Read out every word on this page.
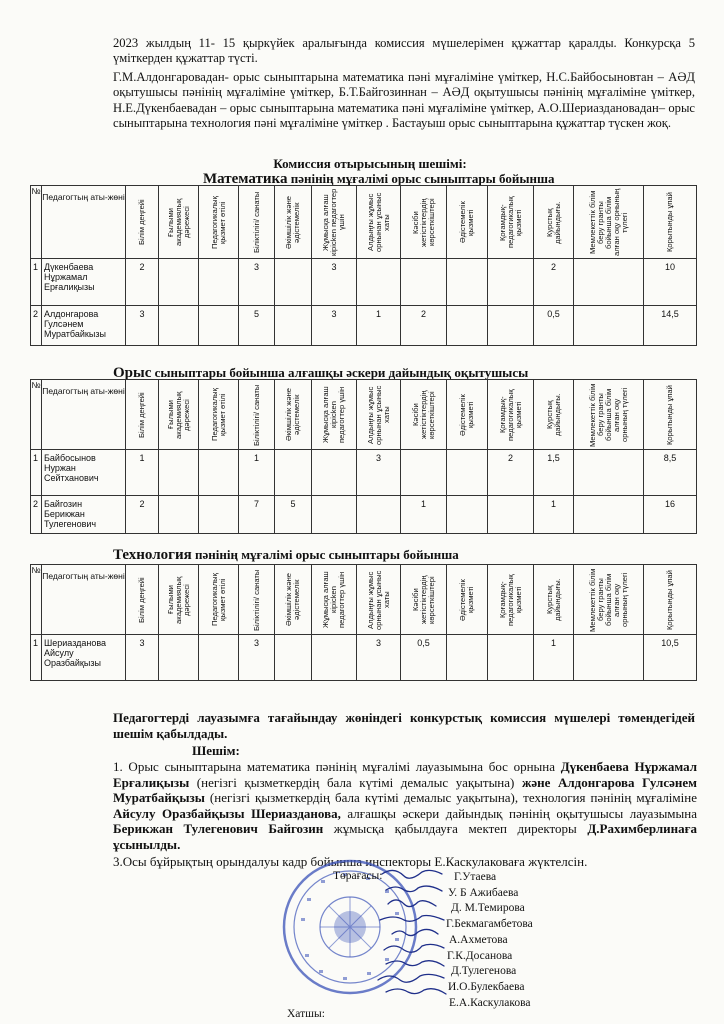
2023 жылдың 11- 15 қыркүйек аралығында комиссия мүшелерімен құжаттар қаралды. Конкурсқа 5 үміткерден құжаттар түсті.

Г.М.Алдонгаровадан- орыс сыныптарына математика пәні мұғаліміне үміткер, Н.С.Байбосыновтан – АӘД оқытушысы пәнінің мұғаліміне үміткер, Б.Т.Байгозиннан – АӘД оқытушысы пәнінің мұғаліміне үміткер, Н.Е.Дүкенбаевадан – орыс сыныптарына математика пәні мұғаліміне үміткер, А.О.Шериаздановадан– орыс сыныптарына технология пәні мұғаліміне үміткер . Бастауыш орыс сыныптарына құжаттар түскен жоқ.

Комиссия отырысының шешімі:

Математика пәнінің мұғалімі орыс сыныптары бойынша

№	Педагогтың аты-жөні	Білім деңгейі	Ғылыми академиялық дәрежесі	Педагогикалық қызмет өтілі	Біліктілігі/ санаты	Әкімшілік және әдістемелік	Жұмысқа алғаш кірісken педагогтер үшін	Алдыңғы жұмыс орнынан ұсыныс хаты	Кәсіби жетістіктердің көрсеткіштері	Әдістемелік қызметі	Қоғамдық-педагогикалық қызметі	Курстық дайындығы.	Мемлекеттік білім беру гранты бойынша білім алған оқу орнының түлегі	Қорытынды ұпай

1	Дүкенбаева Нұржамал Ерғалиқызы	2			3		3					2		10
2	Алдонгарова Гулсәнем Муратбайкызы	3			5		3	1	2			0,5		14,5

Орыс сыныптары бойынша алғашқы әскери дайындық оқытушысы

№	Педагогтың аты-жөні	Білім деңгейі	Ғылыми академиялық дәрежесі	Педагогикалық қызмет өтілі	Біліктілігі/ санаты	Әкімшілік және әдістемелік	Жұмысқа алғаш кірісken педагогтер үшін	Алдыңғы жұмыс орнынан ұсыныс хаты	Кәсіби жетістіктердің көрсеткіштері	Әдістемелік қызметі	Қоғамдық-педагогикалық қызметі	Курстық дайындығы.	Мемлекеттік білім беру гранты бойынша білім алған оқу орнының түлегі	Қорытынды ұпай

1	Байбосынов Нуржан Сейтханович	1			1			3			2	1,5		8,5
2	Байгозин Берикжан Тулегенович	2			7	5			1			1		16

Технология пәнінің мұғалімі орыс сыныптары бойынша

№	Педагогтың аты-жөні	Білім деңгейі	Ғылыми академиялық дәрежесі	Педагогикалық қызмет өтілі	Біліктілігі/ санаты	Әкімшілік және әдістемелік	Жұмысқа алғаш кірісken педагогтер үшін	Алдыңғы жұмыс орнынан ұсыныс хаты	Кәсіби жетістіктердің көрсеткіштері	Әдістемелік қызметі	Қоғамдық-педагогикалық қызметі	Курстық дайындығы.	Мемлекеттік білім беру гранты бойынша білім алған оқу орнының түлегі	Қорытынды ұпай

1	Шериазданова Айсулу Оразбайқызы	3			3			3	0,5			1		10,5

Педагогтерді лауазымға тағайындау жөніндегі конкурстық комиссия мүшелері төмендегідей шешім қабылдады.

Шешім:

1. Орыс сыныптарына математика пәнінің мұғалімі лауазымына бос орнына Дүкенбаева Нұржамал Ерғалиқызы (негізгі қызметкердің бала күтімі демалыс уақытына) және Алдонгарова Гулсәнем Муратбайқызы (негізгі қызметкердің бала күтімі демалыс уақытына), технология пәнінің мұғаліміне Айсулу Оразбайқызы Шериазданова, алғашқы әскери дайындық пәнінің оқытушысы лауазымына Берикжан Тулегенович Байгозин жұмысқа қабылдауға мектеп директоры Д.Рахимберлинаға ұсынылды.

3.Осы бұйрықтың орындалуы кадр бойынша инспекторы Е.Каскулаковаға жүктелсін.

Төрағасы:

Хатшы:

Г.Утаева

У. Б Ажибаева

Д. М.Темирова

Г.Бекмагамбетова

А.Ахметова

Г.К.Досанова

Д.Тулегенова

И.О.Булекбаева

Е.А.Каскулакова
